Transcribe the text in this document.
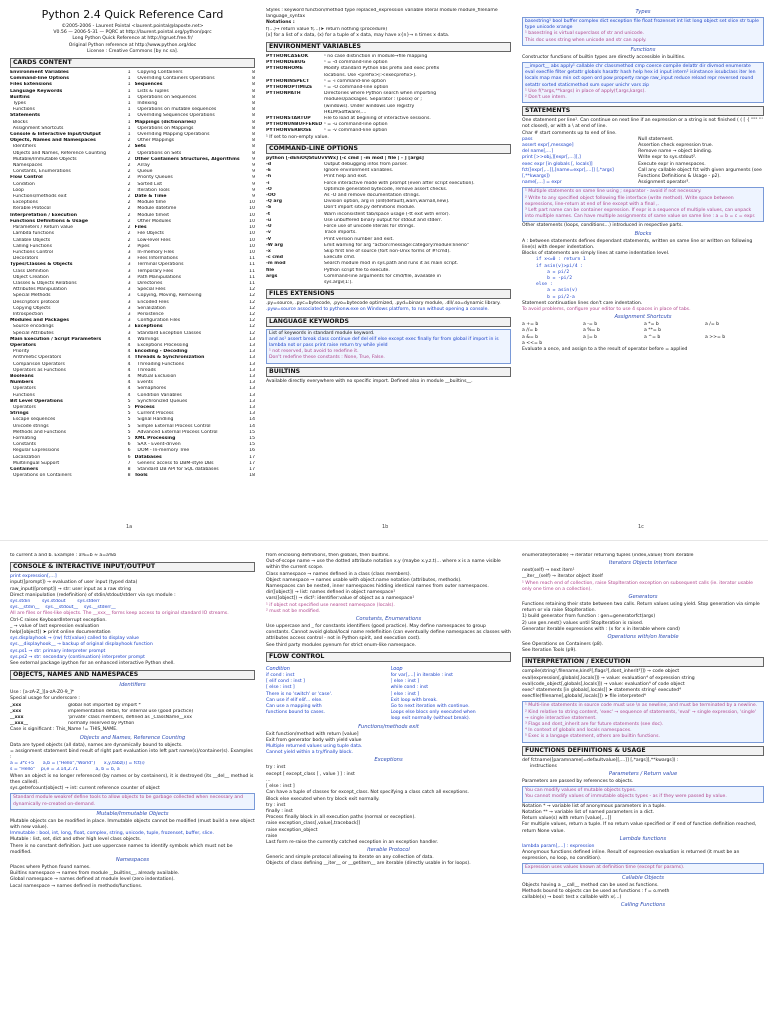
Python 2.4 Quick Reference Card
©2005-2006 - Laurent Pointal <laurent.pointal@laposte.net>
V0.56 — 2006-5-31 — PQRC at http://laurent.pointal.org/python/pqrc
Long Python Quick Reference at http://rgruet.free.fr/
Original Python reference at http://www.python.org/doc
License : Creative Commons [by nc sa].
CARDS CONTENT
Environment Variables	1
Command-line Options	1
Files Extensions	1
Language Keywords	1
Builtins	1
Types	1
Functions	1
Statements	1
Blocks	1
Assignment Shortcuts	1
Console & Interactive Input/Output	1
Objects, Names and Namespaces	2
Identifiers	2
Objects and Names, Reference Counting	2
Mutable/Immutable Objects	2
Namespaces	2
Constants, Enumerations	2
Flow Control	2
Condition	2
Loop	2
Functions/methods exit	2
Exceptions	2
Iterable Protocol	2
Interpretation / Execution	2
Functions Definitions & Usage	2
Parameters / Return value	2
Lambda functions	2
Callable Objects	2
Calling Functions	2
Functions Control	3
Decorators	3
Types/Classes & Objects	3
Class Definition	3
Object Creation	3
Classes & Objects Relations	3
Attributes Manipulation	3
Special Methods	3
Descriptors protocol	3
Copying Objects	3
Introspection	3
Modules and Packages	3
Source encodings	3
Special Attributes	3
Main Execution / Script Parameters	4
Operators	4
Priority	4
Arithmetic Operators	4
Comparison Operators	4
Operators as Functions	4
Booleans	4
Numbers	4
Operators	4
Functions	4
Bit Level Operations	5
Operators	5
Strings	5
Escape sequences	5
Unicode strings	5
Methods and Functions	5
Formating	5
Constants	6
Regular Expressions	6
Localization	6
Multilingual Support	7
Containers	8
Operations on Containers	8
Copying Containers	8
Overriding Containers Operations	8
Sequences	8
Lists & Tuples	8
Operations on Sequences	8
Indexing	8
Operations on mutable sequences	8
Overriding Sequences Operations	8
Mappings (dictionaries)	8
Operations on Mappings	8
Overriding Mapping Operations	8
Other Mappings	8
Sets	8
Operations on Sets	8
Other Containers Structures, Algorithms	9
Array	9
Queue	9
Priority Queues	9
Sorted List	9
Iteration Tools	9
Date & Time	9
Module time	10
Module datetime	10
Module timeit	10
Other Modules	10
Files	10
File Objects	10
Low-level Files	10
Pipes	10
In-memory Files	10
Files Informations	11
Terminal Operations	11
Temporary Files	11
Path Manipulations	11
Directories	11
Special Files	12
Copying, Moving, Removing	12
Encoded Files	12
Serialization	12
Persistence	12
Configuration Files	12
Exceptions	12
Standard Exception Classes	12
Warnings	13
Exceptions Processing	13
Encoding - Decoding	13
Threads & Synchronization	13
Threading Functions	13
Threads	13
Mutual Exclusion	13
Events	13
Semaphores	13
Condition Variables	13
Synchronized Queues	13
Process	13
Current Process	13
Signal Handling	14
Simple External Process Control	14
Advanced External Process Control	15
XML Processing	15
SAX - Event-driven	15
DOM - In-memory Tree	16
Databases	17
Generic access to DBM-style DBs	17
Standard DB API for SQL databases	17
Tools	18
Styles : keyword function/method type replaced_expression variable literal module module_filename language_syntax
Notations :
f(…)→ return value f(…)➤ return nothing (procedure)
[x] for a list of x data, (x) for a tuple of x data, may have x{n}→ n times x data.
ENVIRONMENT VARIABLES
PYTHONCASEOK	¹ no case distinction in module→file mapping
PYTHONDEBUG	¹ = -d command-line option
PYTHONHOME	Modify standard Python libs prefix and exec prefix
locations. Use <prefix>[:<execprefix>].
PYTHONINSPECT	¹ = -i command-line option
PYTHONOPTIMIZE	¹ = -O command-line option
PYTHONPATH	Directories where Python search when importing
modules/packages. Separator : (posix) or ;
(windows). Under windows use registry
HKLM\Software\….
PYTHONSTARTUP	File to load at begining of interactive sessions.
PYTHONUNBUFFERED ¹ = -u command-line option
PYTHONVERBOSE	¹ = -v command-line option
¹ If set to non-empty value.
COMMAND-LINE OPTIONS
python [-dEhiOQStuUvVWx] [-c cmd | -m mod | file | - ] [args]
-d	Output debugging infos from parser.
-E	Ignore environment variables.
-h	Print help and exit.
-i	Force interactive mode with prompt (even after script execution).
-O	Optimize generated bytecode, remove assert checks.
-OO	As -O and remove documentation strings.
-Q arg	Division option, arg in [old(default),warn,warnall,new].
-S	Don't import site.py definitions module.
-t	Warn inconsistent tab/space usage (-tt exit with error).
-u	Use unbuffered binary output for stdout and stderr.
-U	Force use of unicode literals for strings.
-v	Trace imports.
-V	Print version number and exit.
-W arg	Emit warning for arg "action:message:category:module:lineno"
-x	Skip first line of source (fort non-Unix forms of #!cmd).
-c cmd	Execute cmd.
-m mod	Search module mod in sys.path and runs it as main script.
file	Python script file to execute.
args	Command-line arguments for cmd/file, available in
sys.argv[1:].
FILES EXTENSIONS
.py=source, .pyc=bytecode, .pyo=bytecode optimized, .pyd=binary module, .dll/.so=dynamic library.
.pyw=source associated to pythonw.exe on Windows platform, to run without opening a console.
LANGUAGE KEYWORDS
List of keywords in standard module keyword.
and as¹ assert break class continue def del elif else except exec finally for from global if import in is lambda not or pass print raise return try while yield
¹ not reserved, but avoid to redefine it.
Don't redefine these constants : None, True, False.
BUILTINS
Available directly everywhere with no specific import. Defined also in module __builtins__.
Types
basestring¹ bool buffer complex dict exception file float frozenset int list long object set slice str tuple type unicode xrange
¹ basestring is virtual superclass of str and unicode.
This doc uses string when unicode and str can apply.
Functions
Constructor functions of builtin types are directly accessible in builtins.
__import__ abs apply¹ callable chr classmethod cmp coerce compile delattr dir divmod enumerate eval execfile filter getattr globals hasattr hash help hex id input intern² isinstance issubclass iter len locals map max min oct open ord pow property range raw_input reduce reload repr reversed round setattr sorted staticmethod sum super unichr vars zip
¹ Use f(*args,**kargs) in place of apply(f,args,kargs).
² Don't use intern.
STATEMENTS
One statement per line¹. Can continue on next line if an expression or a string is not finished ( ( [ { """ ''' not closed), or with a \ at end of line.
Char # start comments up to end of line.
pass	Null statement.
assert expr[,message]	Assertion check expression true.
del name[,…]	Remove name → object binding.
print [>>obj,][expr[,…][,]	Write expr to sys.stdout².
exec expr [in globals [, locals]]	Execute expr in namespaces.
fct([expr[,…]],[name=expr[,…]] [,*args][,**kwargs])
Call any callable object fct with given arguments (see Functions Definitions & Usage - p2).
name[,…] = expr	Assignment operator³.
¹ Multiple statements on same line using ; separator - avoid if not necessary.
² Write to any specified object following file interface (write method). Write space between expressions, line-return at end of line except with a final ,.
³ Left part name can be container expression. If expr is a sequence of multiple values, can unpack into multiple names. Can have multiple assignments of same value on same line : a = b = c = expr.
Other statements (loops, conditions…) introduced in respective parts.
Blocks
A : between statements defines dependant statements, written on same line or written on following line(s) with deeper indentation.
Blocks of statements are simply lines at same indentation level.
if x<=0 : return 1
if asin(v)>pi/4 :
a = pi/2
b = -pi/2
else :
a = asin(v)
b = pi/2-a
Statement continuation lines don't care indentation.
To avoid problems, configure your editor to use 4 spaces in place of tabs.
Assignment Shortcuts
a += b	a -= b	a *= b	a /= b
a //= b	a %= b	a **= b
a &= b	a |= b	a ^= b	a >>= b
a <<= b
Evaluate a once, and assign to a the result of operator before = applied
1a	1b	1c
to current a and b. Example : a%=b ≈ a=a%b
CONSOLE & INTERACTIVE INPUT/OUTPUT
print expression[,…]
input([prompt]) → evaluation of user input (typed data)
raw_input([prompt]) → str: user input as a raw string
Direct manipulation (redefinition) of stdin/stdout/stderr via sys module :
sys.stdin        sys.stdout        sys.stderr
sys.__stdin__    sys.__stdout__    sys.__stderr__
All are files or files-like objects. The __xxx__ forms keep access to original standard IO streams.
Ctrl-C raises KeyboardInterrupt exception.
_ → value of last expression evaluation
help([object]) ➤ print online documentation
sys.displayhook → (rw) fct(value) called to display value
sys.__displayhook__ → backup of original displayhook function
sys.ps1 → str: primary interpreter prompt
sys.ps2 → str: secondary (continuation) interpreter prompt
See external package ipython for an enhanced interactive Python shell.
OBJECTS, NAMES AND NAMESPACES
Identifiers
Use : [a-zA-Z_][a-zA-Z0-9_]*
Special usage for underscore :
_xxx	global not imported by import *
_xxx	implementation detail, for internal use (good practice)
__xxx	'private' class members, defined as _ClassName__xxx
__xxx__	normally reserved by Python
Case is significant : This_Name != THIS_NAME.
Objects and Names, Reference Counting
Data are typed objects (all data), names are dynamically bound to objects.
= assignment statement bind result of right part evaluation into left part name(s)/container(s). Examples :
a = 3*c+5      a,b = ("Hello","World")      x,y,tabz[i] = fct(i)
s = "Hello"    pi,e = 3.14,2.71            a, b = b, a
When an object is no longer referenced (by names or by containers), it is destroyed (its __del__ method is then called).
sys.getrefcount(object) → int: current reference counter of object
Standard module weakref define tools to allow objects to be garbage collected when necessary and dynamically re-created on-demand.
Mutable/Immutable Objects
Mutable objects can be modified in place. Immutable objects cannot be modified (must build a new object with new value).
Immutable : bool, int, long, float, complex, string, unicode, tuple, frozenset, buffer, slice.
Mutable : list, set, dict and other high level class objects.
There is no constant definition. Just use uppercase names to identify symbols which must not be modified.
Namespaces
Places where Python found names.
Builtins namespace → names from module __builtins__, already available.
Global namespace → names defined at module level (zero indentation).
Local namespace → names defined in methods/functions.
from enclosing definitions, then globals, then builtins.
Out-of-scope name → use the dotted attribute notation x.y (maybe x.y.z.t)… where x is a name visible within the current scope.
Class namespace → names defined in a class (class members).
Object namespace → names usable with object.name notation (attributes, methods).
Namespaces can be nested, inner namespaces hidding identical names from outer namespaces.
dir([object]) → list: names defined in object namespace¹
vars([object]) → dict²: identifier:value of object as a namespace¹
¹ if object not specified use nearest namespace (locals).
² must not be modified.
Constants, Enumerations
Use uppercase and _ for constants identifiers (good practice). May define namespaces to group constants. Cannot avoid global/local name redefinition (can eventually define namespaces as classes with attributes access control - not in Python spirit, and execution cost).
See third party modules pyenum for strict enum-like namespace.
FLOW CONTROL
Condition
if cond : inst
[ elif cond : inst ]
[ else : inst ]
There is no 'switch' or 'case'.
Can use if elif elif… else.
Can use a mapping with
functions bound to cases.
Loop
for var[,…] in iterable : inst
[ else : inst ]
while cond : inst
[ else : inst ]
Exit loop with break.
Go to next iteration with continue.
Loops else blocs only executed when
loop exit normally (without break).
Functions/methods exit
Exit function/method with return [value]
Exit from generator body with yield value
Multiple returned values using tuple data.
Cannot yield within a try/finally block.
Exceptions
try : inst
except [ except_class [ , value ] ] : inst
…
[ else : inst ]
Can have a tuple of classes for except_class. Not specifying a class catch all exceptions.
Block else executed when try block exit normally.
try : inst
finally : inst
Process finally block in all execution paths (normal or exception).
raise exception_class[,value[,traceback]]
raise exception_object
raise
Last form re-raise the currently catched exception in an exception handler.
Iterable Protocol
Generic and simple protocol allowing to iterate on any collection of data.
Objects of class defining __iter__ or __getitem__ are iterable (directly usable in for loops).
enumerate(iterable) → iterator returning tuples (index,value) from iterable
Iterators Objects Interface
next(self) → next item¹
__iter__(self) → iterator object itself
¹ When reach end of collection, raise StopIteration exception on subsequent calls (ie. iterator usable only one time on a collection).
Generators
Functions retaining their state between two calls. Return values using yield. Stop generation via simple return or via raise StopIteration.
1) build generator from function : gen=generatorfct(args)
2) use gen.next() values until StopIteration is raised.
Generator iterable expressions with : (x for x in iterable where cond)
Operations with/on Iterable
See Operations on Containers (p8).
See Iteration Tools (p9).
INTERPRETATION / EXECUTION
compile(string¹,filename,kind²[,flags³[,dont_inherit³]]) → code object
eval(expression[,globals[,locals]]) → value: evaluation⁴ of expression string
eval(code_object[,globals[,locals]]) → value: evaluation⁴ of code object
exec⁵ statements [in globals[,locals]] ➤ statements string¹ executed⁴
execfile(filename[,globals[,locals]]) ➤ file interpreted⁴
¹ Multi-line statements in source code must use \n as newline, and must be terminated by a newline.
² Kind relative to string content, 'exec' → sequence of statements, 'eval' → single expression, 'single' → single interactive statement.
³ Flags and dont_inherit are for future statements (see doc).
⁴ In context of globals and locals namespaces.
⁵ Exec is a langage statement, others are builtin functions.
FUNCTIONS DEFINITIONS & USAGE
def fctname([paramname[=defaultvalue][,…]] [,*args][,**kwargs]) :
instructions
Parameters / Return value
Parameters are passed by references to objects.
You can modify values of mutable objects types.
You cannot modify values of immutable objects types - as if they were passed by value.
Notation * → variable list of anonymous parameters in a tuple.
Notation ** → variable list of named parameters in a dict.
Return value(s) with return [value[,…]]
For multiple values, return a tuple. If no return value specified or if end of function definition reached, return None value.
Lambda functions
lambda param[,…] : expression
Anonymous functions defined inline. Result of expression evaluation is returned (it must be an expression, no loop, no condition).
Expression uses values known at definition time (except for params).
Callable Objects
Objects having a __call__ method can be used as functions.
Methods bound to objects can be used as functions : f = o.meth
callable(x) → bool: test x callable with x(…)
Calling Functions
